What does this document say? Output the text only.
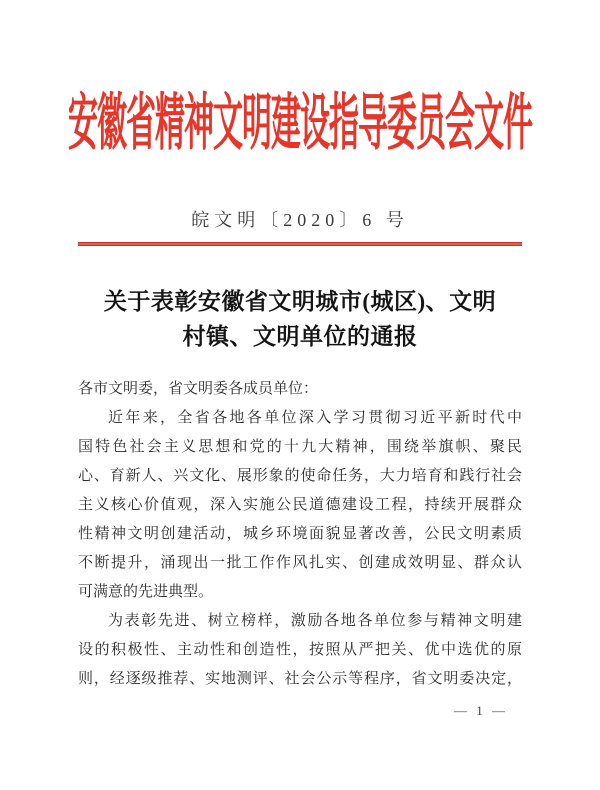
安徽省精神文明建设指导委员会文件
皖文明〔2020〕6 号
关于表彰安徽省文明城市(城区)、文明
村镇、文明单位的通报
各市文明委，省文明委各成员单位：
近年来，全省各地各单位深入学习贯彻习近平新时代中
国特色社会主义思想和党的十九大精神，围绕举旗帜、聚民
心、育新人、兴文化、展形象的使命任务，大力培育和践行社会
主义核心价值观，深入实施公民道德建设工程，持续开展群众
性精神文明创建活动，城乡环境面貌显著改善，公民文明素质
不断提升，涌现出一批工作作风扎实、创建成效明显、群众认
可满意的先进典型。
为表彰先进、树立榜样，激励各地各单位参与精神文明建
设的积极性、主动性和创造性，按照从严把关、优中选优的原
则，经逐级推荐、实地测评、社会公示等程序，省文明委决定，
— 1 —
